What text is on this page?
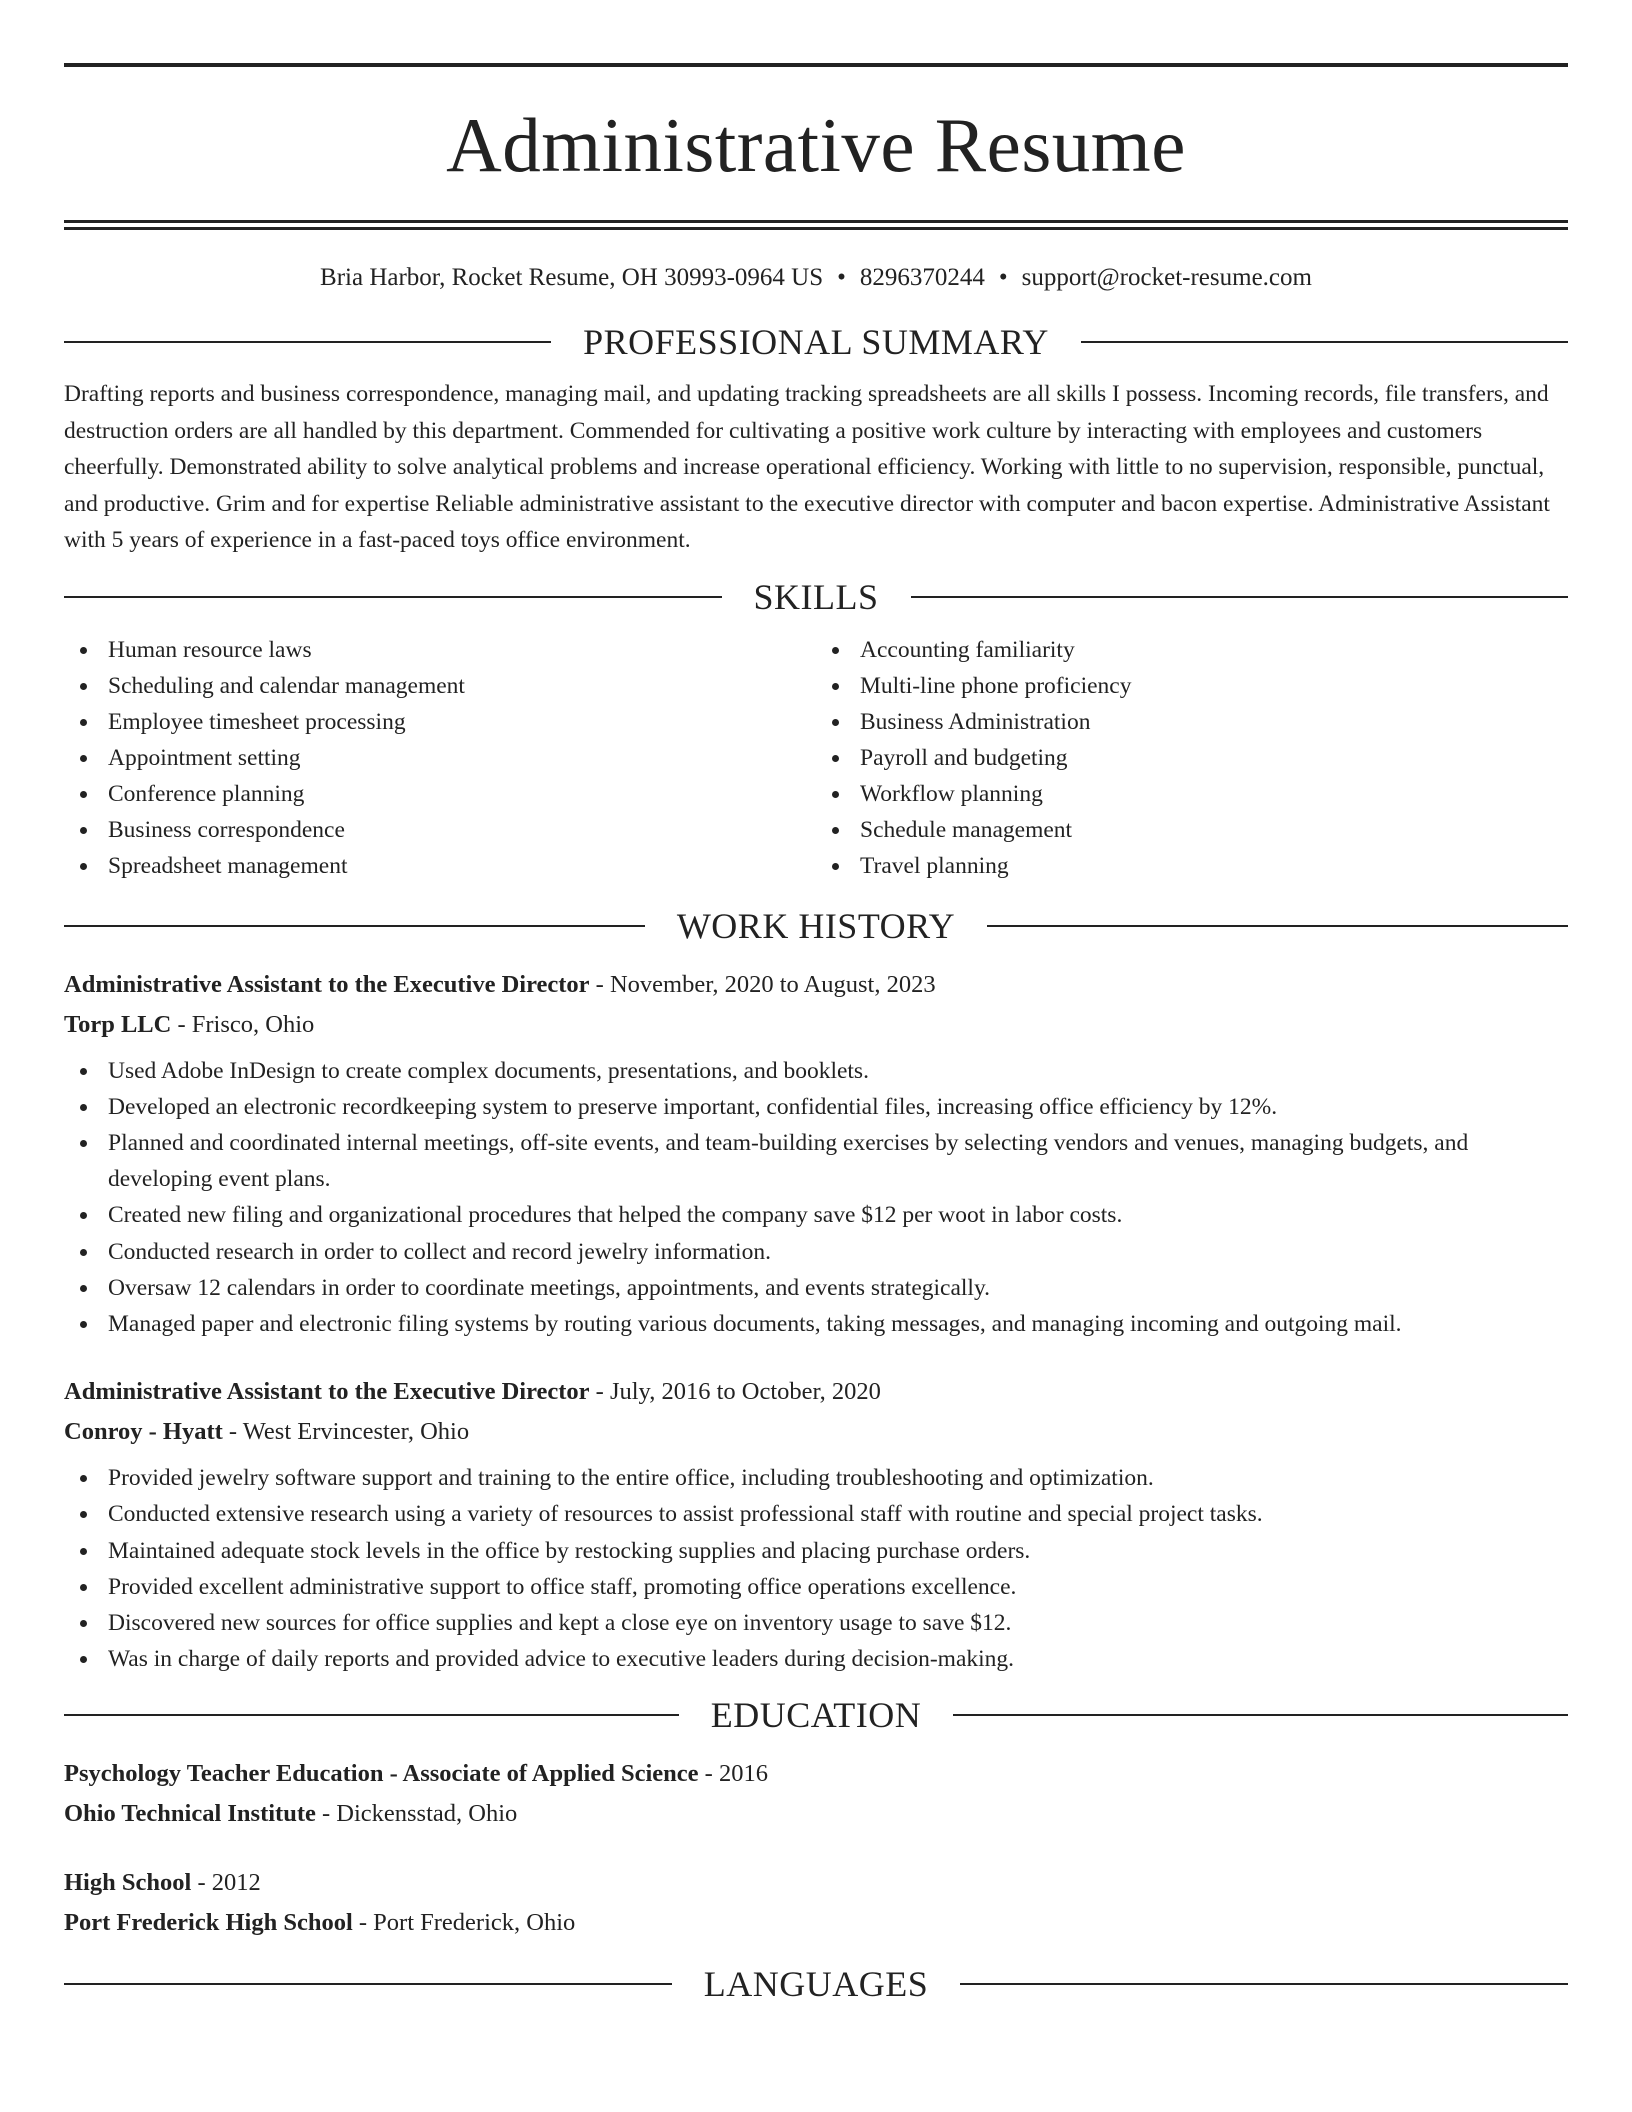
Administrative Resume
Bria Harbor, Rocket Resume, OH 30993-0964 US • 8296370244 • support@rocket-resume.com
PROFESSIONAL SUMMARY
Drafting reports and business correspondence, managing mail, and updating tracking spreadsheets are all skills I possess. Incoming records, file transfers, and destruction orders are all handled by this department. Commended for cultivating a positive work culture by interacting with employees and customers cheerfully. Demonstrated ability to solve analytical problems and increase operational efficiency. Working with little to no supervision, responsible, punctual, and productive. Grim and for expertise Reliable administrative assistant to the executive director with computer and bacon expertise. Administrative Assistant with 5 years of experience in a fast-paced toys office environment.
SKILLS
Human resource laws
Scheduling and calendar management
Employee timesheet processing
Appointment setting
Conference planning
Business correspondence
Spreadsheet management
Accounting familiarity
Multi-line phone proficiency
Business Administration
Payroll and budgeting
Workflow planning
Schedule management
Travel planning
WORK HISTORY
Administrative Assistant to the Executive Director - November, 2020 to August, 2023
Torp LLC - Frisco, Ohio
Used Adobe InDesign to create complex documents, presentations, and booklets.
Developed an electronic recordkeeping system to preserve important, confidential files, increasing office efficiency by 12%.
Planned and coordinated internal meetings, off-site events, and team-building exercises by selecting vendors and venues, managing budgets, and developing event plans.
Created new filing and organizational procedures that helped the company save $12 per woot in labor costs.
Conducted research in order to collect and record jewelry information.
Oversaw 12 calendars in order to coordinate meetings, appointments, and events strategically.
Managed paper and electronic filing systems by routing various documents, taking messages, and managing incoming and outgoing mail.
Administrative Assistant to the Executive Director - July, 2016 to October, 2020
Conroy - Hyatt - West Ervincester, Ohio
Provided jewelry software support and training to the entire office, including troubleshooting and optimization.
Conducted extensive research using a variety of resources to assist professional staff with routine and special project tasks.
Maintained adequate stock levels in the office by restocking supplies and placing purchase orders.
Provided excellent administrative support to office staff, promoting office operations excellence.
Discovered new sources for office supplies and kept a close eye on inventory usage to save $12.
Was in charge of daily reports and provided advice to executive leaders during decision-making.
EDUCATION
Psychology Teacher Education - Associate of Applied Science - 2016
Ohio Technical Institute - Dickensstad, Ohio
High School - 2012
Port Frederick High School - Port Frederick, Ohio
LANGUAGES
